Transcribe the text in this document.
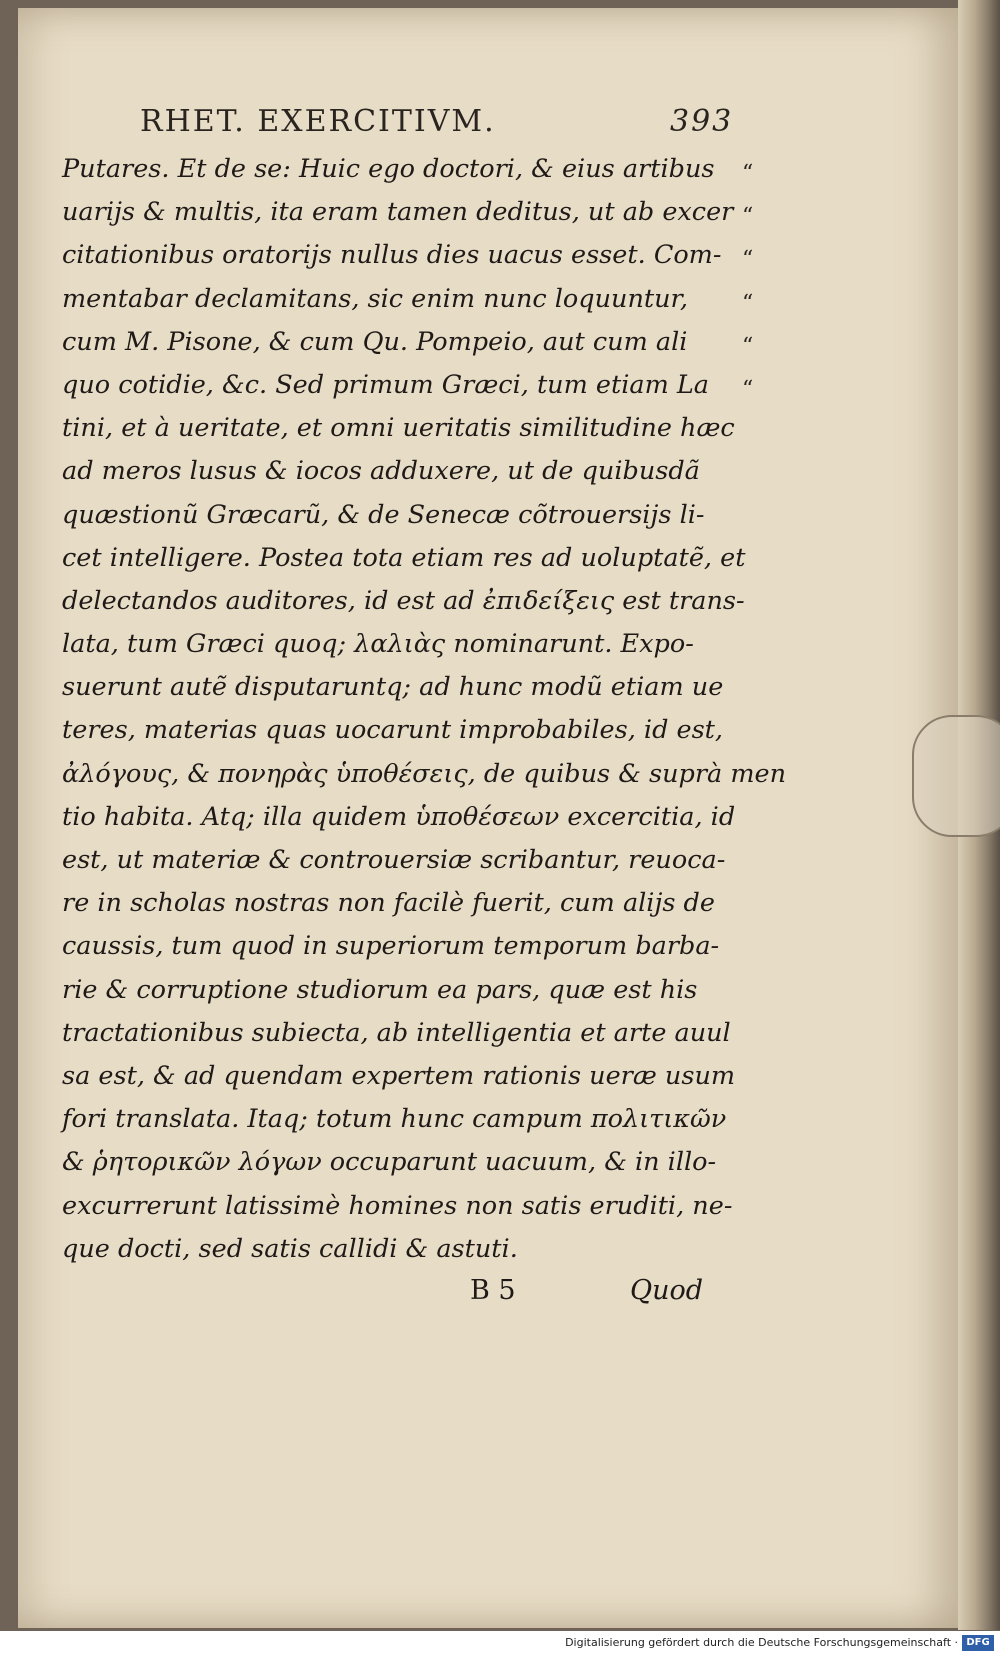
RHET. EXERCITIVM.	393
Putares. Et de se: Huic ego doctori, & eius artibus
uarijs & multis, ita eram tamen deditus, ut ab excer
citationibus oratorijs nullus dies uacus esset. Com-
mentabar declamitans, sic enim nunc loquuntur,
cum M. Pisone, & cum Qu. Pompeio, aut cum ali
quo cotidie, &c. Sed primum Græci, tum etiam La
tini, et à ueritate, et omni ueritatis similitudine hæc
ad meros lusus & iocos adduxere, ut de quibusdã
quæstionũ Græcarũ, & de Senecæ cõtrouersijs li-
cet intelligere. Postea tota etiam res ad uoluptatẽ, et
delectandos auditores, id est ad ἐπιδείξεις est trans-
lata, tum Græci quoq; λαλιὰς nominarunt. Expo-
suerunt autẽ disputaruntq; ad hunc modũ etiam ue
teres, materias quas uocarunt improbabiles, id est,
ἀλόγους, & πονηρὰς ὑποθέσεις, de quibus & suprà men
tio habita. Atq; illa quidem ὑποθέσεων excercitia, id
est, ut materiæ & controuersiæ scribantur, reuoca-
re in scholas nostras non facilè fuerit, cum alijs de
caussis, tum quod in superiorum temporum barba-
rie & corruptione studiorum ea pars, quæ est his
tractationibus subiecta, ab intelligentia et arte auul
sa est, & ad quendam expertem rationis ueræ usum
fori translata. Itaq; totum hunc campum πολιτικῶν
& ῥητορικῶν λόγων occuparunt uacuum, & in illo-
excurrerunt latissimè homines non satis eruditi, ne-
que docti, sed satis callidi & astuti.
“
“
“
“
“
“
B 5	Quod
Digitalisierung gefördert durch die Deutsche Forschungsgemeinschaft · DFG
